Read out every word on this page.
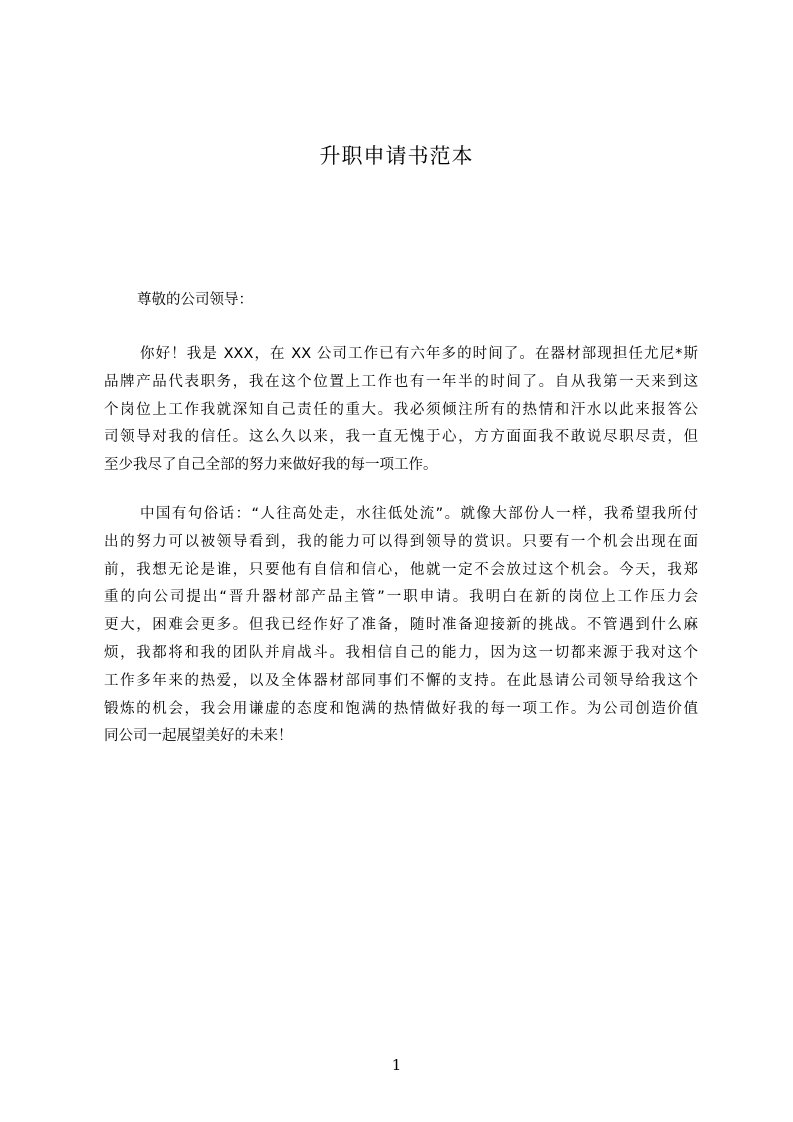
升职申请书范本
尊敬的公司领导：
你好！我是 XXX，在 XX 公司工作已有六年多的时间了。在器材部现担任尤尼*斯
品牌产品代表职务，我在这个位置上工作也有一年半的时间了。自从我第一天来到这
个岗位上工作我就深知自己责任的重大。我必须倾注所有的热情和汗水以此来报答公
司领导对我的信任。这么久以来，我一直无愧于心，方方面面我不敢说尽职尽责，但
至少我尽了自己全部的努力来做好我的每一项工作。
中国有句俗话：“人往高处走，水往低处流”。就像大部份人一样，我希望我所付
出的努力可以被领导看到，我的能力可以得到领导的赏识。只要有一个机会出现在面
前，我想无论是谁，只要他有自信和信心，他就一定不会放过这个机会。今天，我郑
重的向公司提出“晋升器材部产品主管”一职申请。我明白在新的岗位上工作压力会
更大，困难会更多。但我已经作好了准备，随时准备迎接新的挑战。不管遇到什么麻
烦，我都将和我的团队并肩战斗。我相信自己的能力，因为这一切都来源于我对这个
工作多年来的热爱，以及全体器材部同事们不懈的支持。在此恳请公司领导给我这个
锻炼的机会，我会用谦虚的态度和饱满的热情做好我的每一项工作。为公司创造价值
同公司一起展望美好的未来！
1
